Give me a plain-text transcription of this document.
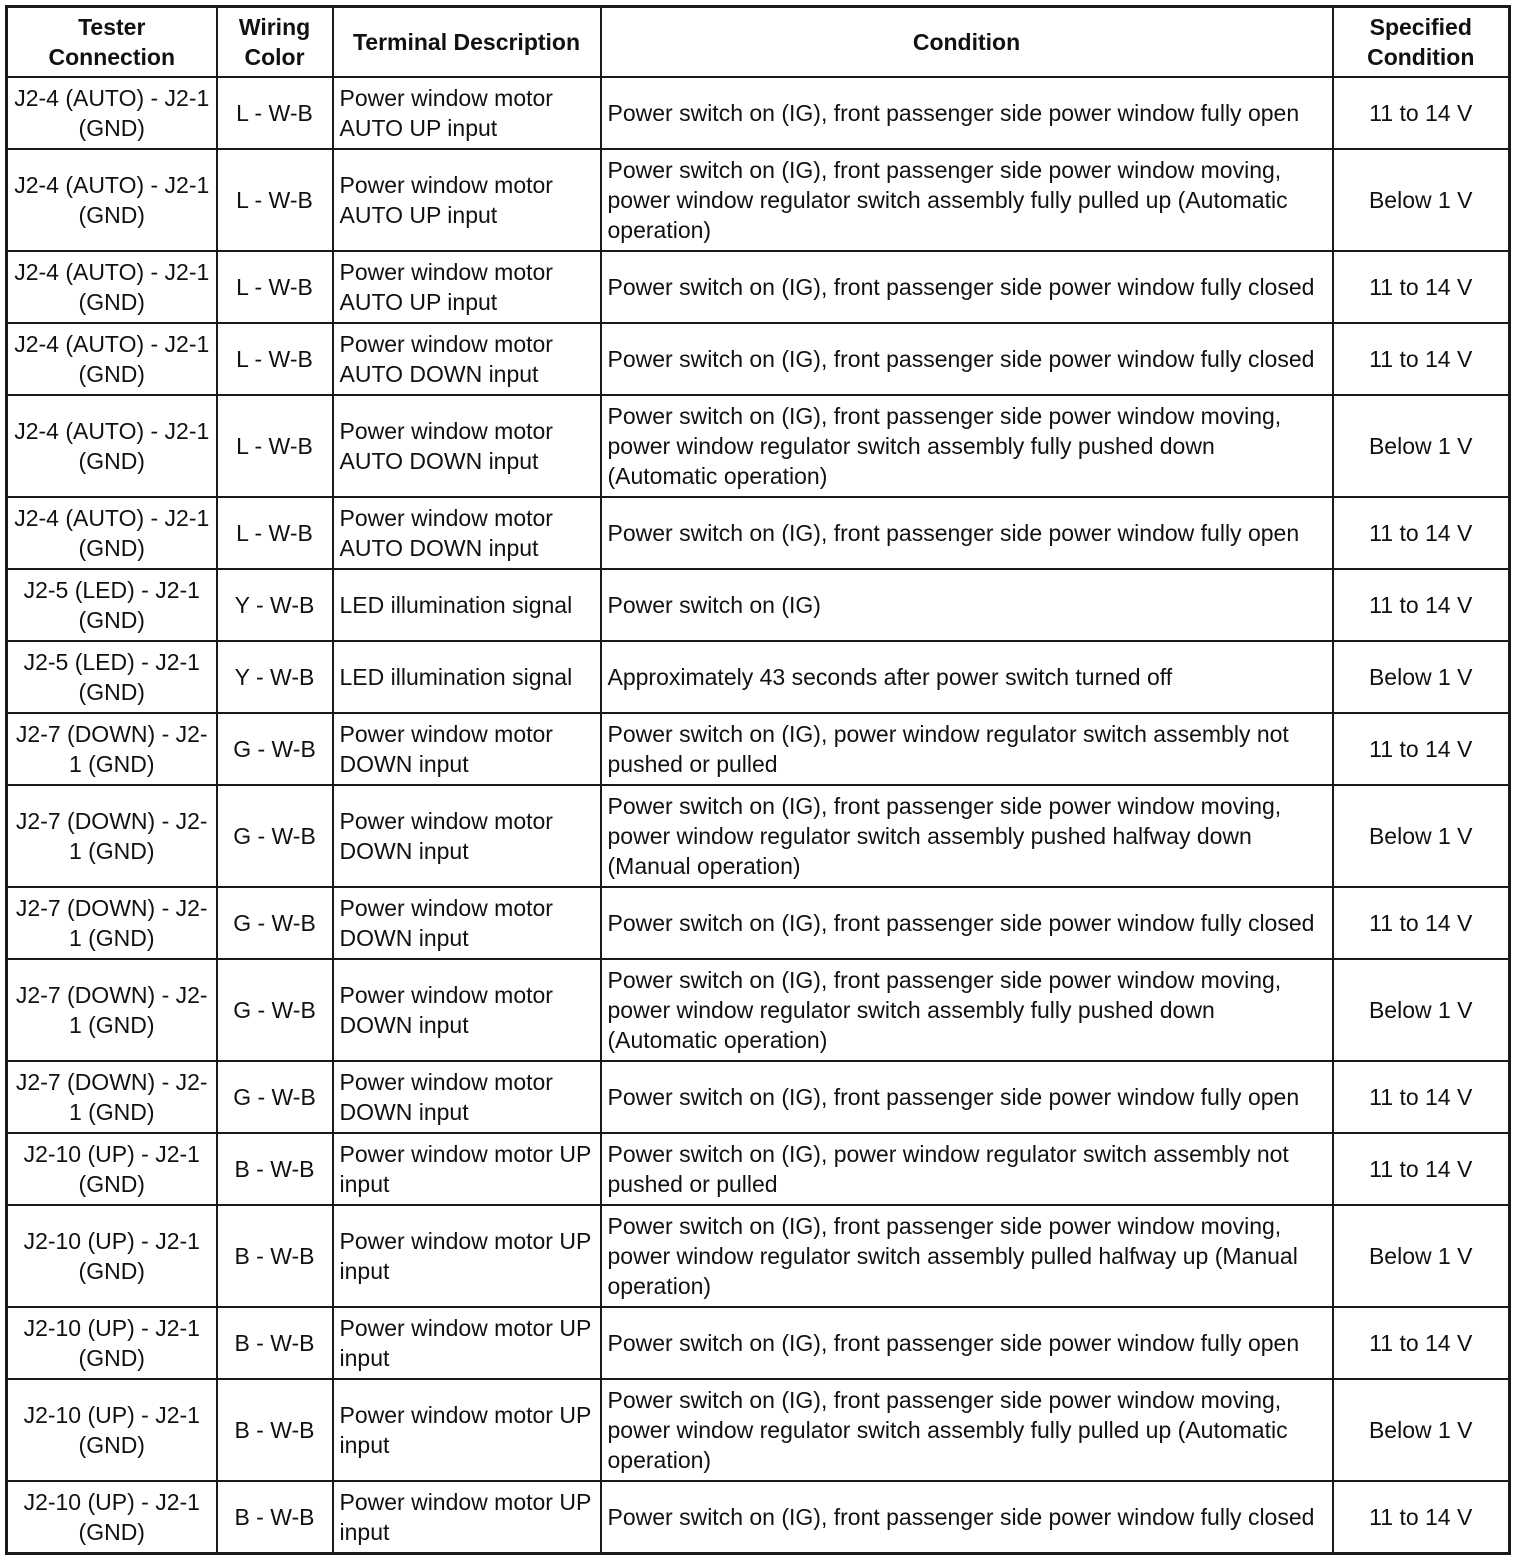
Tester Connection	Wiring Color	Terminal Description	Condition	Specified Condition
J2-4 (AUTO) - J2-1 (GND)	L - W-B	Power window motor AUTO UP input	Power switch on (IG), front passenger side power window fully open	11 to 14 V
J2-4 (AUTO) - J2-1 (GND)	L - W-B	Power window motor AUTO UP input	Power switch on (IG), front passenger side power window moving, power window regulator switch assembly fully pulled up (Automatic operation)	Below 1 V
J2-4 (AUTO) - J2-1 (GND)	L - W-B	Power window motor AUTO UP input	Power switch on (IG), front passenger side power window fully closed	11 to 14 V
J2-4 (AUTO) - J2-1 (GND)	L - W-B	Power window motor AUTO DOWN input	Power switch on (IG), front passenger side power window fully closed	11 to 14 V
J2-4 (AUTO) - J2-1 (GND)	L - W-B	Power window motor AUTO DOWN input	Power switch on (IG), front passenger side power window moving, power window regulator switch assembly fully pushed down (Automatic operation)	Below 1 V
J2-4 (AUTO) - J2-1 (GND)	L - W-B	Power window motor AUTO DOWN input	Power switch on (IG), front passenger side power window fully open	11 to 14 V
J2-5 (LED) - J2-1 (GND)	Y - W-B	LED illumination signal	Power switch on (IG)	11 to 14 V
J2-5 (LED) - J2-1 (GND)	Y - W-B	LED illumination signal	Approximately 43 seconds after power switch turned off	Below 1 V
J2-7 (DOWN) - J2-1 (GND)	G - W-B	Power window motor DOWN input	Power switch on (IG), power window regulator switch assembly not pushed or pulled	11 to 14 V
J2-7 (DOWN) - J2-1 (GND)	G - W-B	Power window motor DOWN input	Power switch on (IG), front passenger side power window moving, power window regulator switch assembly pushed halfway down (Manual operation)	Below 1 V
J2-7 (DOWN) - J2-1 (GND)	G - W-B	Power window motor DOWN input	Power switch on (IG), front passenger side power window fully closed	11 to 14 V
J2-7 (DOWN) - J2-1 (GND)	G - W-B	Power window motor DOWN input	Power switch on (IG), front passenger side power window moving, power window regulator switch assembly fully pushed down (Automatic operation)	Below 1 V
J2-7 (DOWN) - J2-1 (GND)	G - W-B	Power window motor DOWN input	Power switch on (IG), front passenger side power window fully open	11 to 14 V
J2-10 (UP) - J2-1 (GND)	B - W-B	Power window motor UP input	Power switch on (IG), power window regulator switch assembly not pushed or pulled	11 to 14 V
J2-10 (UP) - J2-1 (GND)	B - W-B	Power window motor UP input	Power switch on (IG), front passenger side power window moving, power window regulator switch assembly pulled halfway up (Manual operation)	Below 1 V
J2-10 (UP) - J2-1 (GND)	B - W-B	Power window motor UP input	Power switch on (IG), front passenger side power window fully open	11 to 14 V
J2-10 (UP) - J2-1 (GND)	B - W-B	Power window motor UP input	Power switch on (IG), front passenger side power window moving, power window regulator switch assembly fully pulled up (Automatic operation)	Below 1 V
J2-10 (UP) - J2-1 (GND)	B - W-B	Power window motor UP input	Power switch on (IG), front passenger side power window fully closed	11 to 14 V
